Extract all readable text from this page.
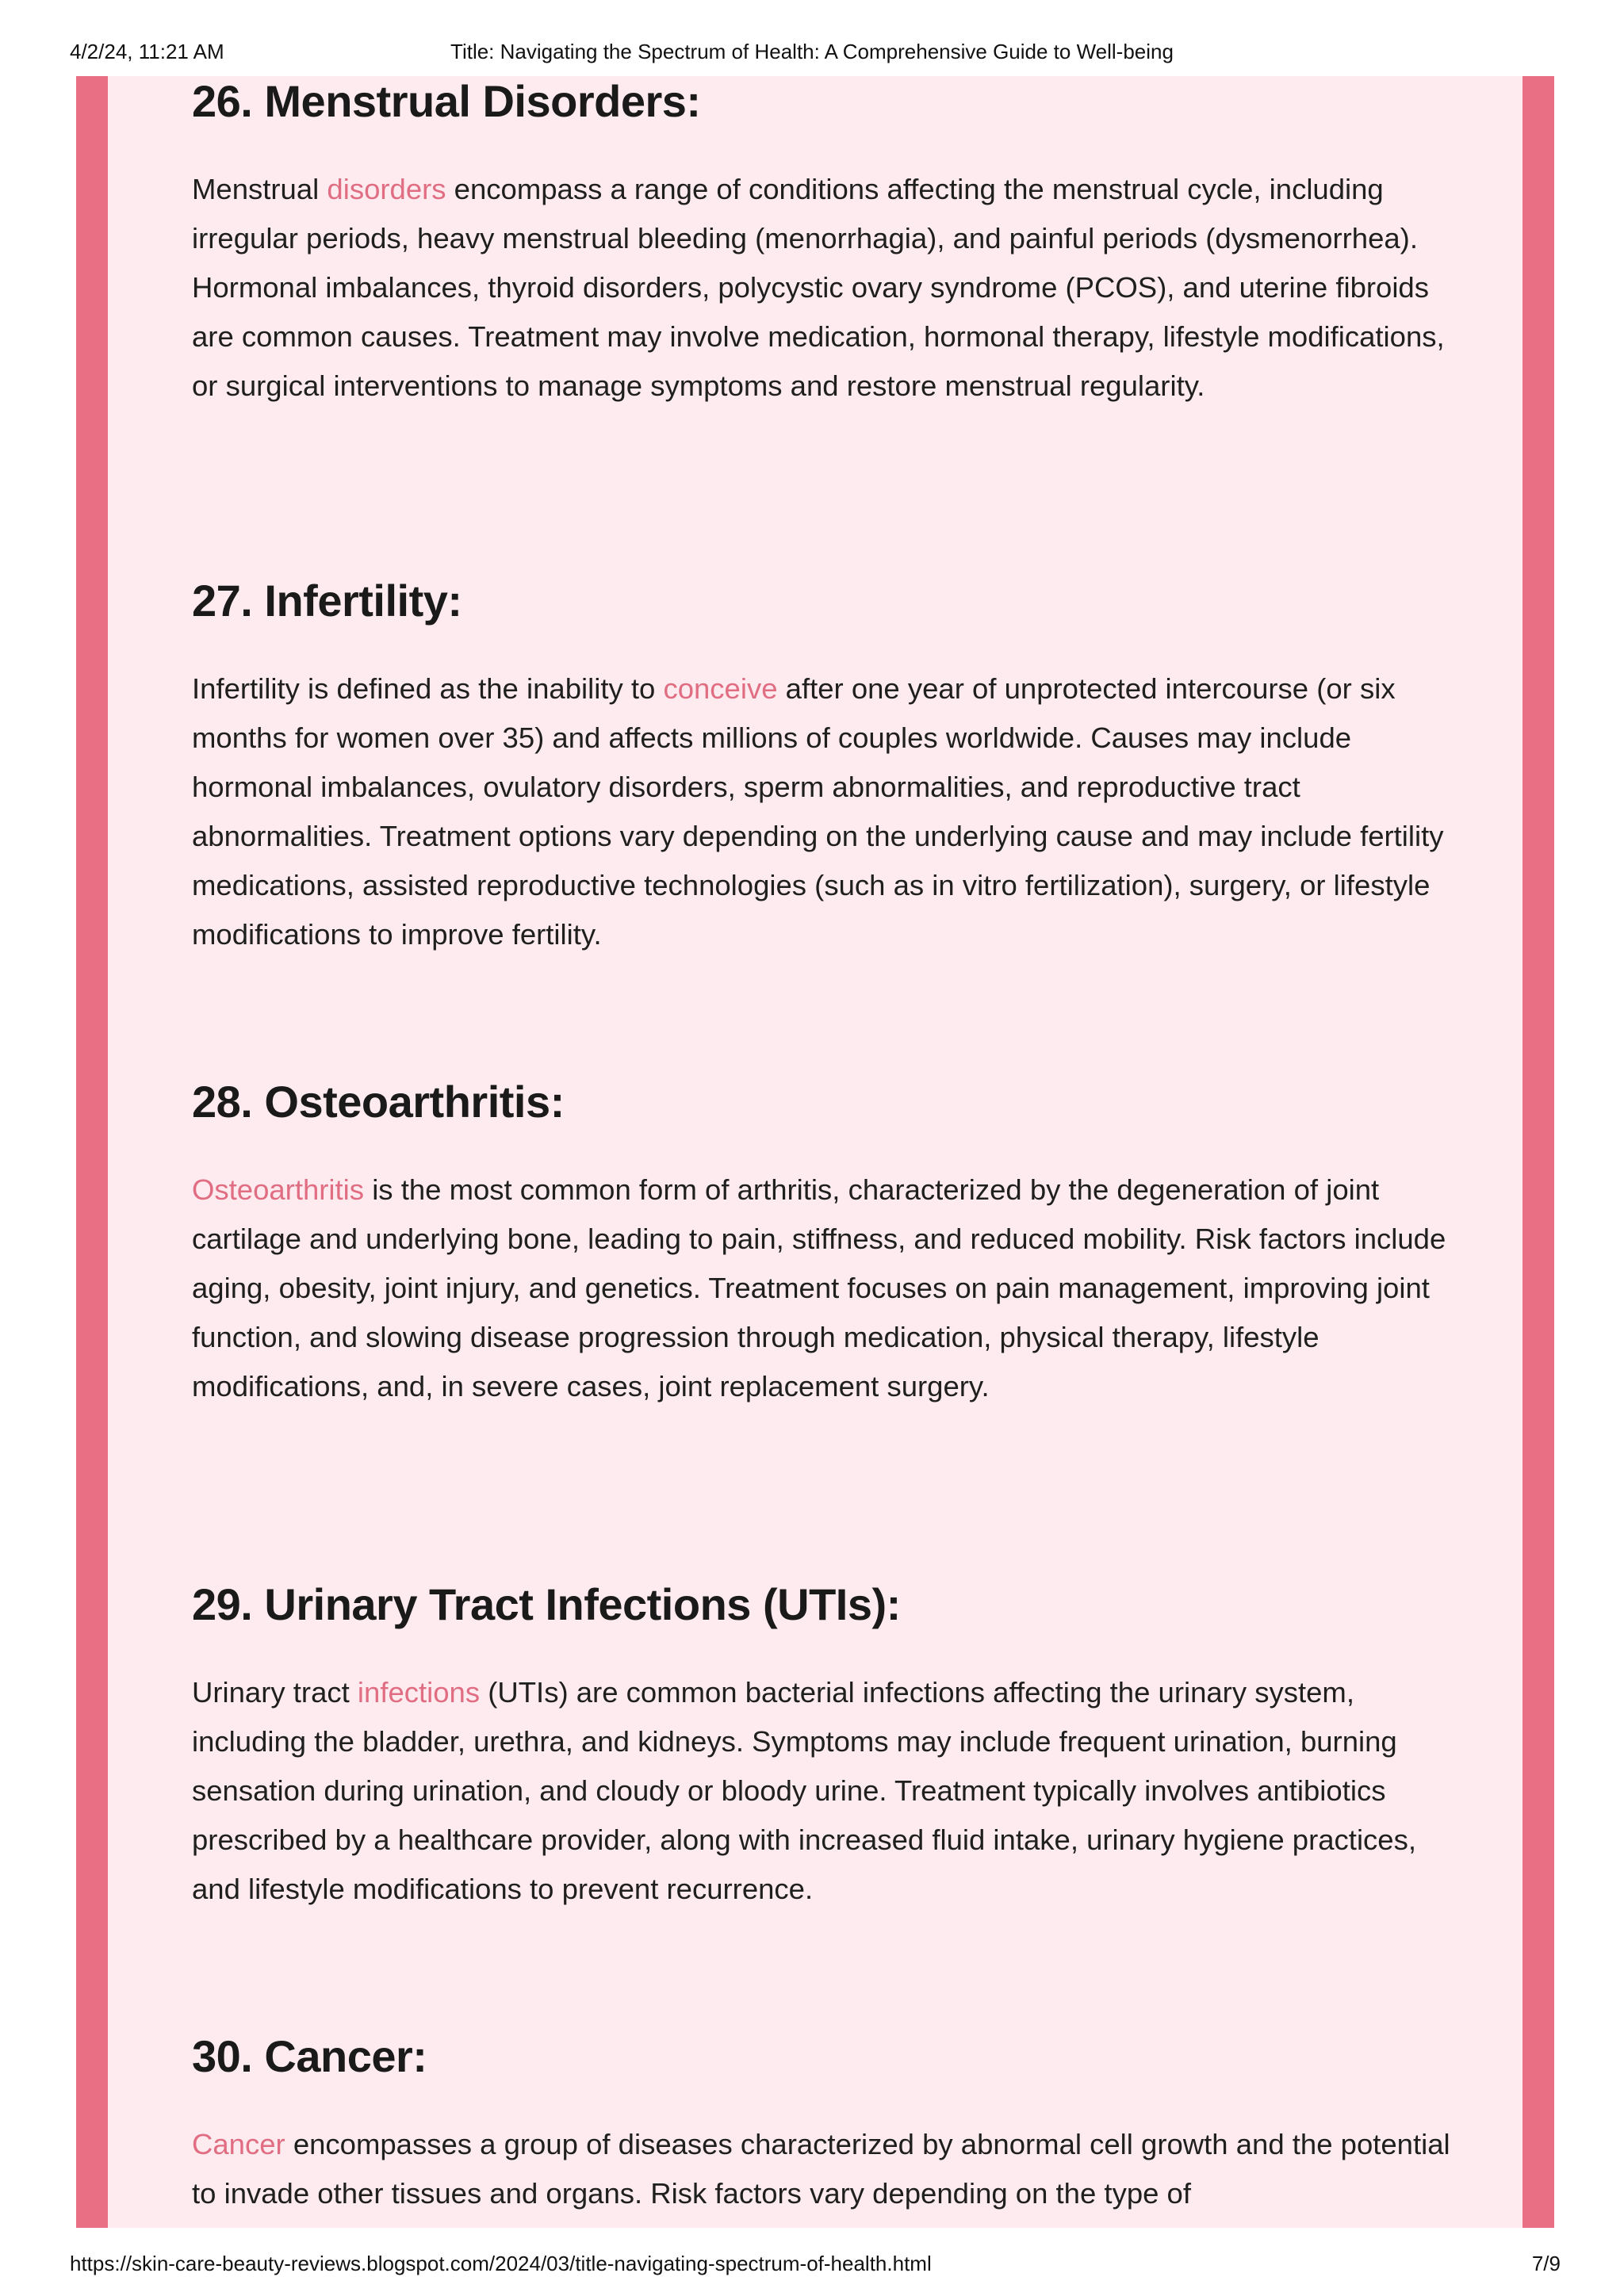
4/2/24, 11:21 AM	Title: Navigating the Spectrum of Health: A Comprehensive Guide to Well-being
26. Menstrual Disorders:

Menstrual disorders encompass a range of conditions affecting the menstrual cycle, including irregular periods, heavy menstrual bleeding (menorrhagia), and painful periods (dysmenorrhea). Hormonal imbalances, thyroid disorders, polycystic ovary syndrome (PCOS), and uterine fibroids are common causes. Treatment may involve medication, hormonal therapy, lifestyle modifications, or surgical interventions to manage symptoms and restore menstrual regularity.

27. Infertility:

Infertility is defined as the inability to conceive after one year of unprotected intercourse (or six months for women over 35) and affects millions of couples worldwide. Causes may include hormonal imbalances, ovulatory disorders, sperm abnormalities, and reproductive tract abnormalities. Treatment options vary depending on the underlying cause and may include fertility medications, assisted reproductive technologies (such as in vitro fertilization), surgery, or lifestyle modifications to improve fertility.

28. Osteoarthritis:

Osteoarthritis is the most common form of arthritis, characterized by the degeneration of joint cartilage and underlying bone, leading to pain, stiffness, and reduced mobility. Risk factors include aging, obesity, joint injury, and genetics. Treatment focuses on pain management, improving joint function, and slowing disease progression through medication, physical therapy, lifestyle modifications, and, in severe cases, joint replacement surgery.

29. Urinary Tract Infections (UTIs):

Urinary tract infections (UTIs) are common bacterial infections affecting the urinary system, including the bladder, urethra, and kidneys. Symptoms may include frequent urination, burning sensation during urination, and cloudy or bloody urine. Treatment typically involves antibiotics prescribed by a healthcare provider, along with increased fluid intake, urinary hygiene practices, and lifestyle modifications to prevent recurrence.

30. Cancer:

Cancer encompasses a group of diseases characterized by abnormal cell growth and the potential to invade other tissues and organs. Risk factors vary depending on the type of

https://skin-care-beauty-reviews.blogspot.com/2024/03/title-navigating-spectrum-of-health.html	7/9
